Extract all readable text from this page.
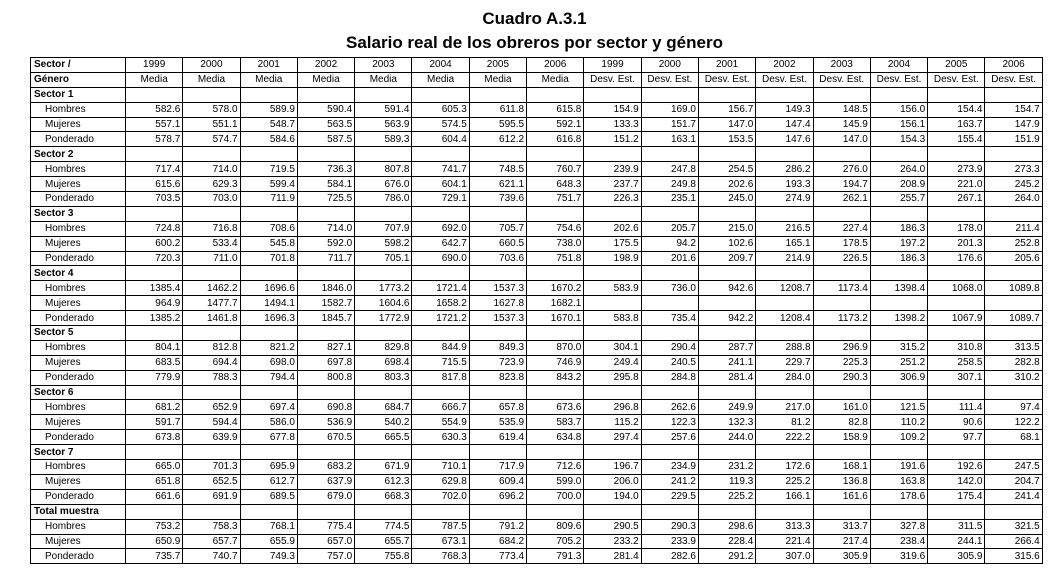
Cuadro A.3.1
Salario real de los obreros por sector y género
Sector /	1999	2000	2001	2002	2003	2004	2005	2006	1999	2000	2001	2002	2003	2004	2005	2006
Género	Media	Media	Media	Media	Media	Media	Media	Media	Desv. Est.	Desv. Est.	Desv. Est.	Desv. Est.	Desv. Est.	Desv. Est.	Desv. Est.	Desv. Est.
Sector 1																
Hombres	582.6	578.0	589.9	590.4	591.4	605.3	611.8	615.8	154.9	169.0	156.7	149.3	148.5	156.0	154.4	154.7
Mujeres	557.1	551.1	548.7	563.5	563.9	574.5	595.5	592.1	133.3	151.7	147.0	147.4	145.9	156.1	163.7	147.9
Ponderado	578.7	574.7	584.6	587.5	589.3	604.4	612.2	616.8	151.2	163.1	153.5	147.6	147.0	154.3	155.4	151.9
Sector 2																
Hombres	717.4	714.0	719.5	736.3	807.8	741.7	748.5	760.7	239.9	247.8	254.5	286.2	276.0	264.0	273.9	273.3
Mujeres	615.6	629.3	599.4	584.1	676.0	604.1	621.1	648.3	237.7	249.8	202.6	193.3	194.7	208.9	221.0	245.2
Ponderado	703.5	703.0	711.9	725.5	786.0	729.1	739.6	751.7	226.3	235.1	245.0	274.9	262.1	255.7	267.1	264.0
Sector 3																
Hombres	724.8	716.8	708.6	714.0	707.9	692.0	705.7	754.6	202.6	205.7	215.0	216.5	227.4	186.3	178.0	211.4
Mujeres	600.2	533.4	545.8	592.0	598.2	642.7	660.5	738.0	175.5	94.2	102.6	165.1	178.5	197.2	201.3	252.8
Ponderado	720.3	711.0	701.8	711.7	705.1	690.0	703.6	751.8	198.9	201.6	209.7	214.9	226.5	186.3	176.6	205.6
Sector 4																
Hombres	1385.4	1462.2	1696.6	1846.0	1773.2	1721.4	1537.3	1670.2	583.9	736.0	942.6	1208.7	1173.4	1398.4	1068.0	1089.8
Mujeres	964.9	1477.7	1494.1	1582.7	1604.6	1658.2	1627.8	1682.1								
Ponderado	1385.2	1461.8	1696.3	1845.7	1772.9	1721.2	1537.3	1670.1	583.8	735.4	942.2	1208.4	1173.2	1398.2	1067.9	1089.7
Sector 5																
Hombres	804.1	812.8	821.2	827.1	829.8	844.9	849.3	870.0	304.1	290.4	287.7	288.8	296.9	315.2	310.8	313.5
Mujeres	683.5	694.4	698.0	697.8	698.4	715.5	723.9	746.9	249.4	240.5	241.1	229.7	225.3	251.2	258.5	282.8
Ponderado	779.9	788.3	794.4	800.8	803.3	817.8	823.8	843.2	295.8	284.8	281.4	284.0	290.3	306.9	307.1	310.2
Sector 6																
Hombres	681.2	652.9	697.4	690.8	684.7	666.7	657.8	673.6	296.8	262.6	249.9	217.0	161.0	121.5	111.4	97.4
Mujeres	591.7	594.4	586.0	536.9	540.2	554.9	535.9	583.7	115.2	122.3	132.3	81.2	82.8	110.2	90.6	122.2
Ponderado	673.8	639.9	677.8	670.5	665.5	630.3	619.4	634.8	297.4	257.6	244.0	222.2	158.9	109.2	97.7	68.1
Sector 7																
Hombres	665.0	701.3	695.9	683.2	671.9	710.1	717.9	712.6	196.7	234.9	231.2	172.6	168.1	191.6	192.6	247.5
Mujeres	651.8	652.5	612.7	637.9	612.3	629.8	609.4	599.0	206.0	241.2	119.3	225.2	136.8	163.8	142.0	204.7
Ponderado	661.6	691.9	689.5	679.0	668.3	702.0	696.2	700.0	194.0	229.5	225.2	166.1	161.6	178.6	175.4	241.4
Total muestra																
Hombres	753.2	758.3	768.1	775.4	774.5	787.5	791.2	809.6	290.5	290.3	298.6	313.3	313.7	327.8	311.5	321.5
Mujeres	650.9	657.7	655.9	657.0	655.7	673.1	684.2	705.2	233.2	233.9	228.4	221.4	217.4	238.4	244.1	266.4
Ponderado	735.7	740.7	749.3	757.0	755.8	768.3	773.4	791.3	281.4	282.6	291.2	307.0	305.9	319.6	305.9	315.6
